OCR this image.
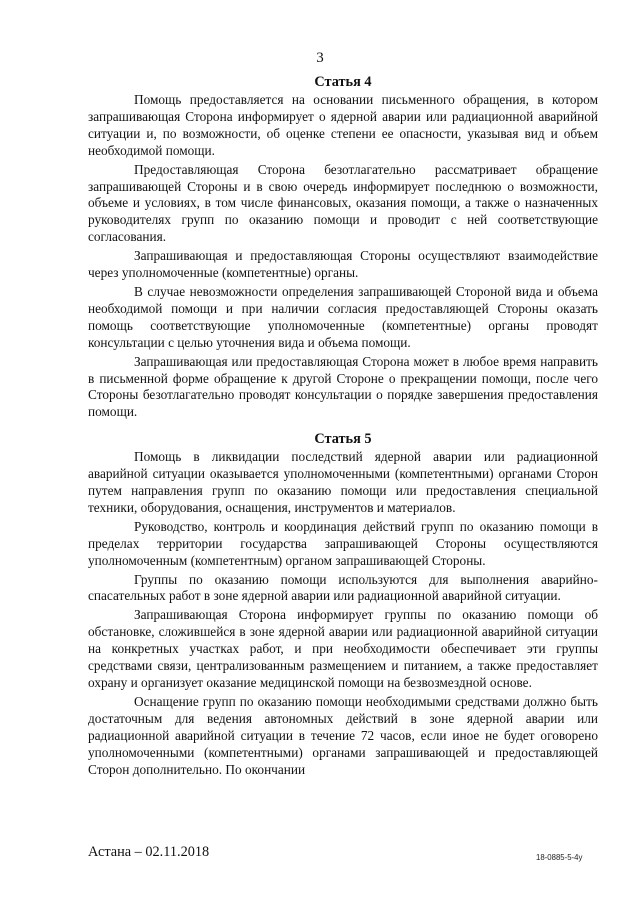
3
Статья 4

Помощь предоставляется на основании письменного обращения, в котором запрашивающая Сторона информирует о ядерной аварии или радиационной аварийной ситуации и, по возможности, об оценке степени ее опасности, указывая вид и объем необходимой помощи.

Предоставляющая Сторона безотлагательно рассматривает обращение запрашивающей Стороны и в свою очередь информирует последнюю о возможности, объеме и условиях, в том числе финансовых, оказания помощи, а также о назначенных руководителях групп по оказанию помощи и проводит с ней соответствующие согласования.

Запрашивающая и предоставляющая Стороны осуществляют взаимодействие через уполномоченные (компетентные) органы.

В случае невозможности определения запрашивающей Стороной вида и объема необходимой помощи и при наличии согласия предоставляющей Стороны оказать помощь соответствующие уполномоченные (компетентные) органы проводят консультации с целью уточнения вида и объема помощи.

Запрашивающая или предоставляющая Сторона может в любое время направить в письменной форме обращение к другой Стороне о прекращении помощи, после чего Стороны безотлагательно проводят консультации о порядке завершения предоставления помощи.

Статья 5

Помощь в ликвидации последствий ядерной аварии или радиационной аварийной ситуации оказывается уполномоченными (компетентными) органами Сторон путем направления групп по оказанию помощи или предоставления специальной техники, оборудования, оснащения, инструментов и материалов.

Руководство, контроль и координация действий групп по оказанию помощи в пределах территории государства запрашивающей Стороны осуществляются уполномоченным (компетентным) органом запрашивающей Стороны.

Группы по оказанию помощи используются для выполнения аварийно-спасательных работ в зоне ядерной аварии или радиационной аварийной ситуации.

Запрашивающая Сторона информирует группы по оказанию помощи об обстановке, сложившейся в зоне ядерной аварии или радиационной аварийной ситуации на конкретных участках работ, и при необходимости обеспечивает эти группы средствами связи, централизованным размещением и питанием, а также предоставляет охрану и организует оказание медицинской помощи на безвозмездной основе.

Оснащение групп по оказанию помощи необходимыми средствами должно быть достаточным для ведения автономных действий в зоне ядерной аварии или радиационной аварийной ситуации в течение 72 часов, если иное не будет оговорено уполномоченными (компетентными) органами запрашивающей и предоставляющей Сторон дополнительно. По окончании

Астана – 02.11.2018	18-0885-5-4у
